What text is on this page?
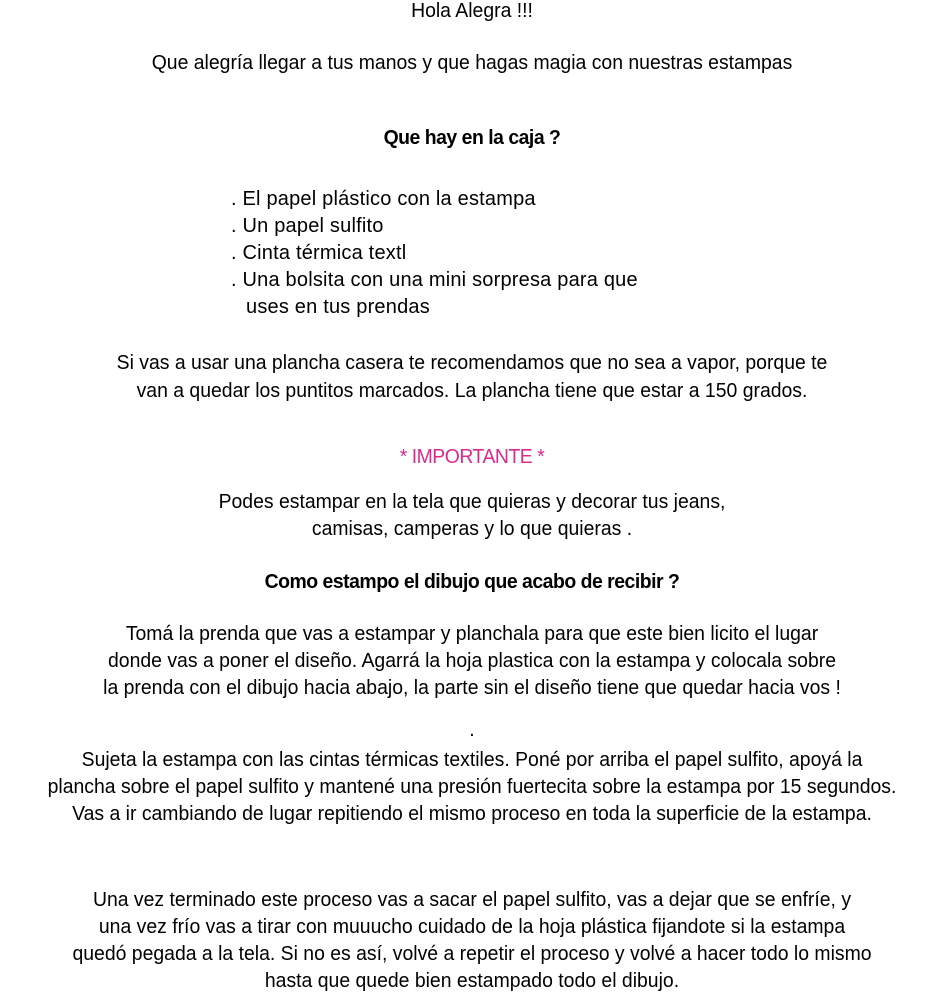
Hola Alegra !!!
Que alegría llegar a tus manos y que hagas magia con nuestras estampas
Que hay en la caja ?
. El papel plástico con la estampa
. Un papel sulfito
. Cinta térmica textl
. Una bolsita con una mini sorpresa para que
uses en tus prendas
Si vas a usar una plancha casera te recomendamos que no sea a vapor, porque te
van a quedar los puntitos marcados. La plancha tiene que estar a 150 grados.
* IMPORTANTE *
Podes estampar en la tela que quieras y decorar tus jeans,
camisas, camperas y lo que quieras .
Como estampo el dibujo que acabo de recibir ?
Tomá la prenda que vas a estampar y planchala para que este bien licito el lugar
donde vas a poner el diseño. Agarrá la hoja plastica con la estampa y colocala sobre
la prenda con el dibujo hacia abajo, la parte sin el diseño tiene que quedar hacia vos !
.
Sujeta la estampa con las cintas térmicas textiles. Poné por arriba el papel sulfito, apoyá la
plancha sobre el papel sulfito y mantené una presión fuertecita sobre la estampa por 15 segundos.
Vas a ir cambiando de lugar repitiendo el mismo proceso en toda la superficie de la estampa.
Una vez terminado este proceso vas a sacar el papel sulfito, vas a dejar que se enfríe, y
una vez frío vas a tirar con muuucho cuidado de la hoja plástica fijandote si la estampa
quedó pegada a la tela. Si no es así, volvé a repetir el proceso y volvé a hacer todo lo mismo
hasta que quede bien estampado todo el dibujo.
